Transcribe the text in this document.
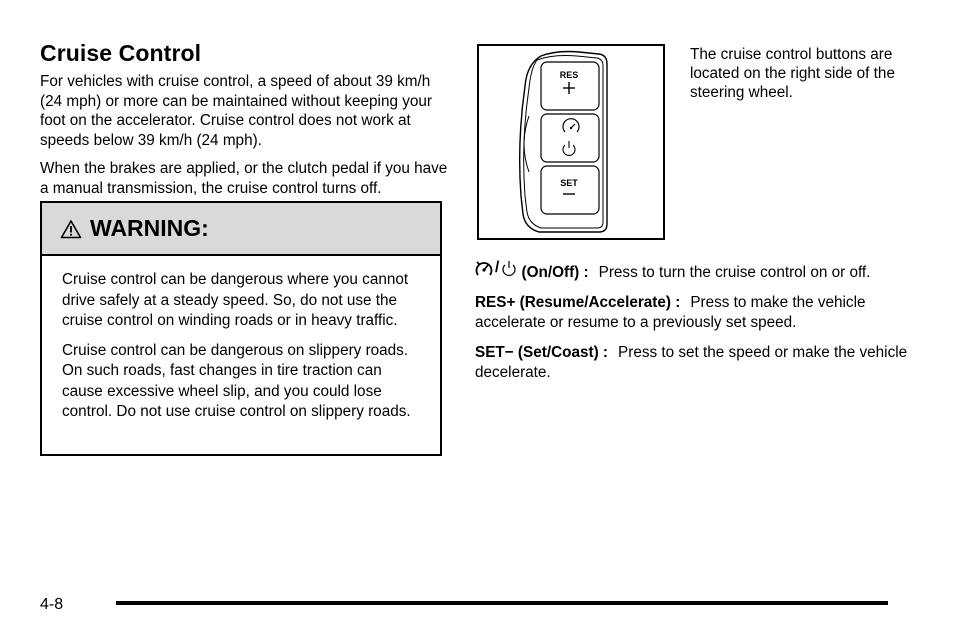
Cruise Control

For vehicles with cruise control, a speed of about 39 km/h (24 mph) or more can be maintained without keeping your foot on the accelerator. Cruise control does not work at speeds below 39 km/h (24 mph).

When the brakes are applied, or the clutch pedal if you have a manual transmission, the cruise control turns off.

WARNING:

Cruise control can be dangerous where you cannot drive safely at a steady speed. So, do not use the cruise control on winding roads or in heavy traffic.

Cruise control can be dangerous on slippery roads. On such roads, fast changes in tire traction can cause excessive wheel slip, and you could lose control. Do not use cruise control on slippery roads.

RES
SET

The cruise control buttons are located on the right side of the steering wheel.

/ (On/Off) : Press to turn the cruise control on or off.

RES+ (Resume/Accelerate) : Press to make the vehicle accelerate or resume to a previously set speed.

SET− (Set/Coast) : Press to set the speed or make the vehicle decelerate.

4-8
